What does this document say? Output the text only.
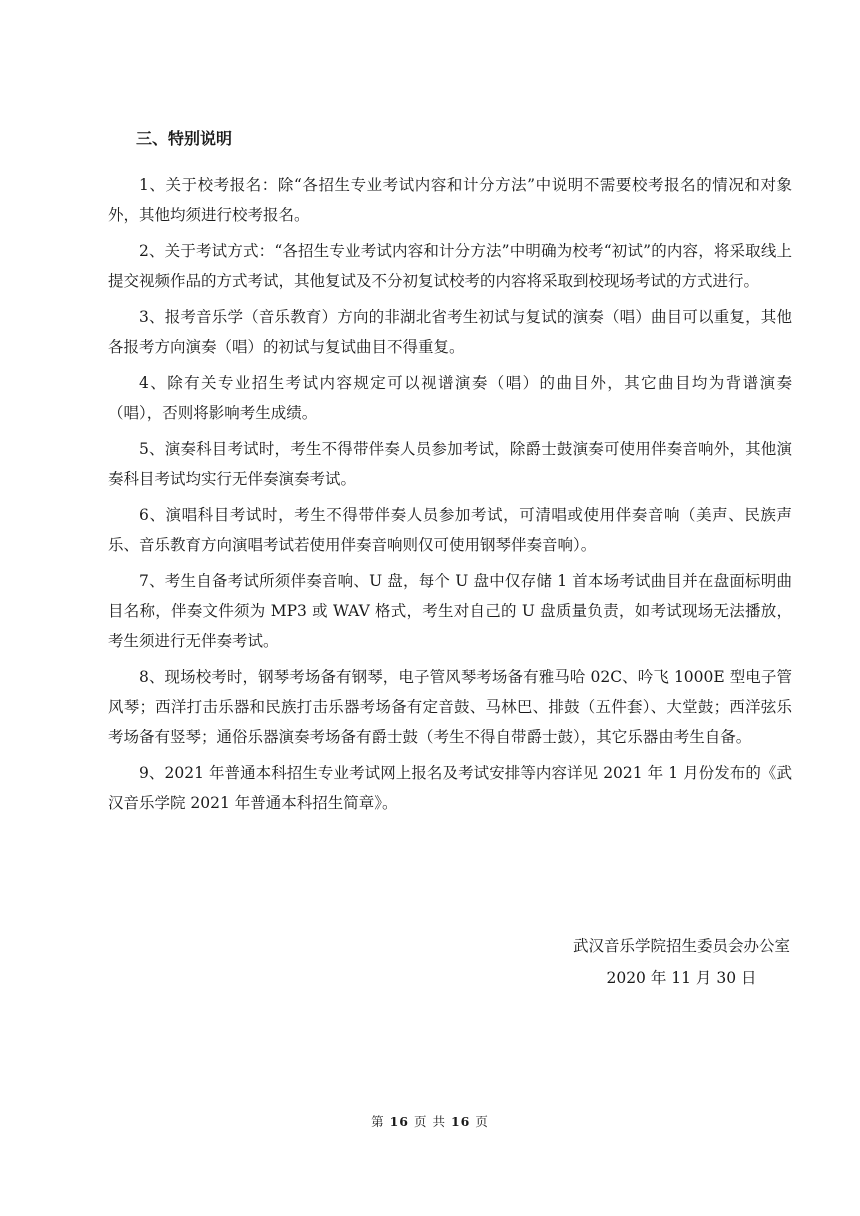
三、特别说明

1、关于校考报名：除“各招生专业考试内容和计分方法”中说明不需要校考报名的情况和对象外，其他均须进行校考报名。

2、关于考试方式：“各招生专业考试内容和计分方法”中明确为校考“初试”的内容，将采取线上提交视频作品的方式考试，其他复试及不分初复试校考的内容将采取到校现场考试的方式进行。

3、报考音乐学（音乐教育）方向的非湖北省考生初试与复试的演奏（唱）曲目可以重复，其他各报考方向演奏（唱）的初试与复试曲目不得重复。

4、除有关专业招生考试内容规定可以视谱演奏（唱）的曲目外，其它曲目均为背谱演奏（唱），否则将影响考生成绩。

5、演奏科目考试时，考生不得带伴奏人员参加考试，除爵士鼓演奏可使用伴奏音响外，其他演奏科目考试均实行无伴奏演奏考试。

6、演唱科目考试时，考生不得带伴奏人员参加考试，可清唱或使用伴奏音响（美声、民族声乐、音乐教育方向演唱考试若使用伴奏音响则仅可使用钢琴伴奏音响）。

7、考生自备考试所须伴奏音响、U 盘，每个 U 盘中仅存储 1 首本场考试曲目并在盘面标明曲目名称，伴奏文件须为 MP3 或 WAV 格式，考生对自己的 U 盘质量负责，如考试现场无法播放，考生须进行无伴奏考试。

8、现场校考时，钢琴考场备有钢琴，电子管风琴考场备有雅马哈 02C、吟飞 1000E 型电子管风琴；西洋打击乐器和民族打击乐器考场备有定音鼓、马林巴、排鼓（五件套）、大堂鼓；西洋弦乐考场备有竖琴；通俗乐器演奏考场备有爵士鼓（考生不得自带爵士鼓），其它乐器由考生自备。

9、2021 年普通本科招生专业考试网上报名及考试安排等内容详见 2021 年 1 月份发布的《武汉音乐学院 2021 年普通本科招生简章》。

武汉音乐学院招生委员会办公室

2020 年 11 月 30 日
第 16 页 共 16 页
